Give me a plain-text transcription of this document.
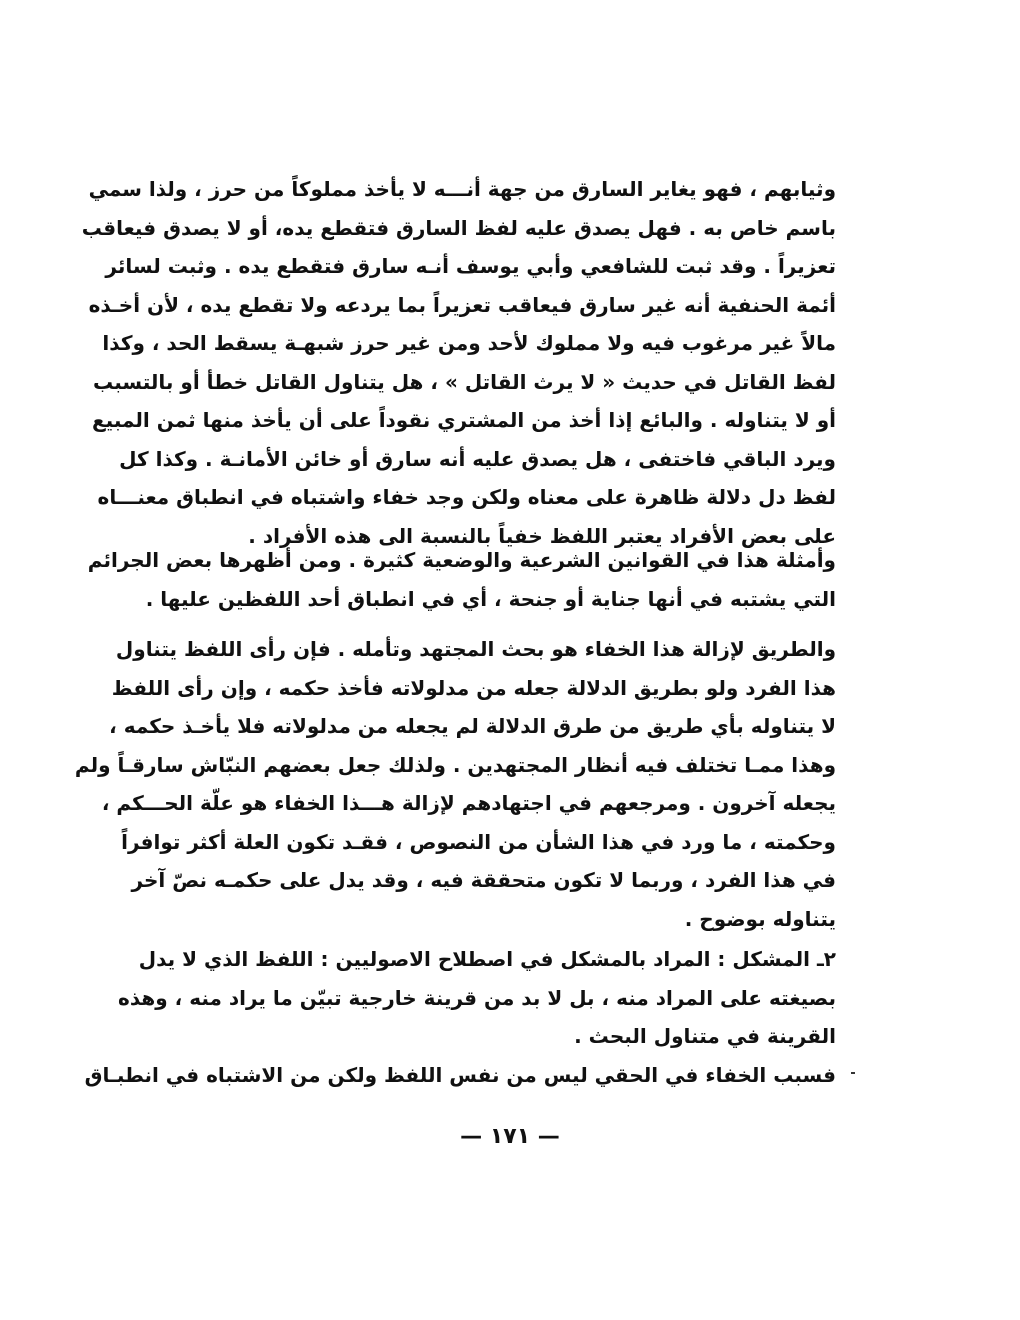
وثيابهم ، فهو يغاير السارق من جهة أنـــه لا يأخذ مملوكاً من حرز ، ولذا سمي
باسم خاص به . فهل يصدق عليه لفظ السارق فتقطع يده، أو لا يصدق فيعاقب
تعزيراً . وقد ثبت للشافعي وأبي يوسف أنـه سارق فتقطع يده . وثبت لسائر
أئمة الحنفية أنه غير سارق فيعاقب تعزيراً بما يردعه ولا تقطع يده ، لأن أخـذه
مالاً غير مرغوب فيه ولا مملوك لأحد ومن غير حرز شبهـة يسقط الحد ، وكذا
لفظ القاتل في حديث « لا يرث القاتل » ، هل يتناول القاتل خطأ أو بالتسبب
أو لا يتناوله . والبائع إذا أخذ من المشتري نقوداً على أن يأخذ منها ثمن المبيع
ويرد الباقي فاختفى ، هل يصدق عليه أنه سارق أو خائن الأمانـة . وكذا كل
لفظ دل دلالة ظاهرة على معناه ولكن وجد خفاء واشتباه في انطباق معنـــاه
على بعض الأفراد يعتبر اللفظ خفياً بالنسبة الى هذه الأفراد .
وأمثلة هذا في القوانين الشرعية والوضعية كثيرة . ومن أظهرها بعض الجرائم
التي يشتبه في أنها جناية أو جنحة ، أي في انطباق أحد اللفظين عليها .
والطريق لإزالة هذا الخفاء هو بحث المجتهد وتأمله . فإن رأى اللفظ يتناول
هذا الفرد ولو بطريق الدلالة جعله من مدلولاته فأخذ حكمه ، وإن رأى اللفظ
لا يتناوله بأي طريق من طرق الدلالة لم يجعله من مدلولاته فلا يأخـذ حكمه ،
وهذا ممـا تختلف فيه أنظار المجتهدين . ولذلك جعل بعضهم النبّاش سارقـاً ولم
يجعله آخرون . ومرجعهم في اجتهادهم لإزالة هـــذا الخفاء هو علّة الحـــكم ،
وحكمته ، ما ورد في هذا الشأن من النصوص ، فقـد تكون العلة أكثر توافراً
في هذا الفرد ، وربما لا تكون متحققة فيه ، وقد يدل على حكمـه نصّ آخر
يتناوله بوضوح .
٢ـ المشكل : المراد بالمشكل في اصطلاح الاصوليين : اللفظ الذي لا يدل
بصيغته على المراد منه ، بل لا بد من قرينة خارجية تبيّن ما يراد منه ، وهذه
القرينة في متناول البحث .
فسبب الخفاء في الحقي ليس من نفس اللفظ ولكن من الاشتباه في انطبـاق
— ١٧١ —
